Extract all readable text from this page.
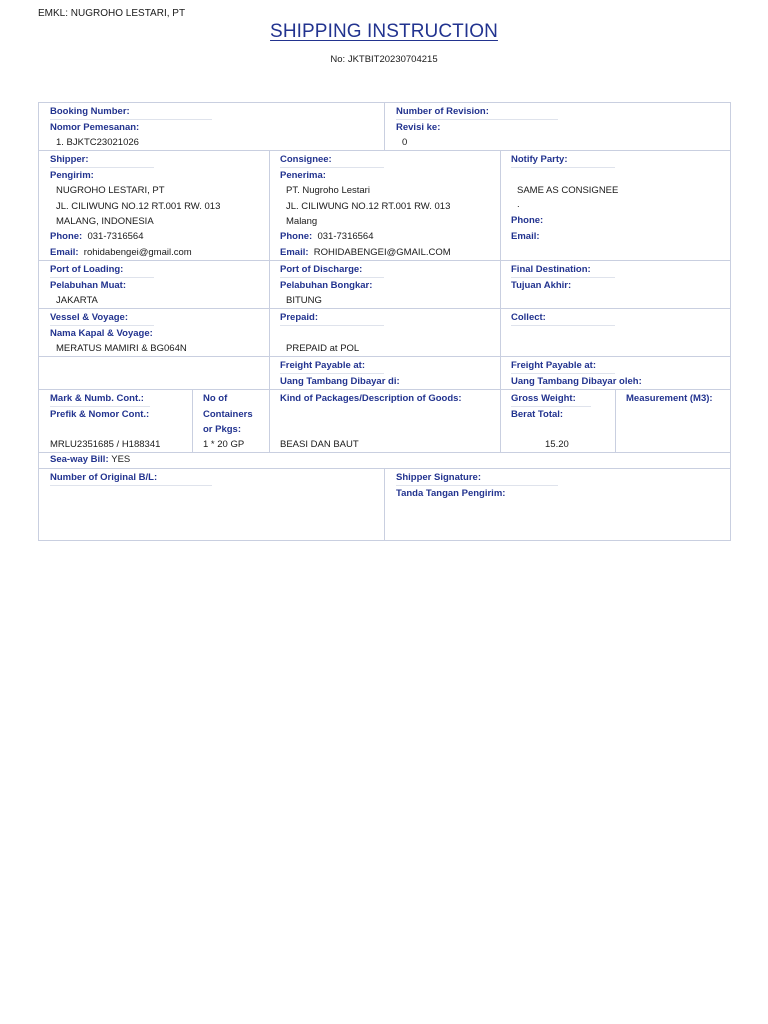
EMKL: NUGROHO LESTARI, PT
SHIPPING INSTRUCTION
No: JKTBIT20230704215
Booking Number:
Nomor Pemesanan:
1. BJKTC23021026
Number of Revision:
Revisi ke:
0
Shipper:
Pengirim:
NUGROHO LESTARI, PT
JL. CILIWUNG NO.12 RT.001 RW. 013
MALANG, INDONESIA
Phone: 031-7316564
Email: rohidabengei@gmail.com
Consignee:
Penerima:
PT. Nugroho Lestari
JL. CILIWUNG NO.12 RT.001 RW. 013
Malang
Phone: 031-7316564
Email: ROHIDABENGEI@GMAIL.COM
Notify Party:
SAME AS CONSIGNEE
.
Phone:
Email:
Port of Loading:
Pelabuhan Muat:
JAKARTA
Port of Discharge:
Pelabuhan Bongkar:
BITUNG
Final Destination:
Tujuan Akhir:
Vessel & Voyage:
Nama Kapal & Voyage:
MERATUS MAMIRI & BG064N
Prepaid:
PREPAID at POL
Collect:
Freight Payable at:
Uang Tambang Dibayar di:
Freight Payable at:
Uang Tambang Dibayar oleh:
Mark & Numb. Cont.:
Prefik & Nomor Cont.:
MRLU2351685 / H188341
No of
Containers
or Pkgs:
1 * 20 GP
Kind of Packages/Description of Goods:
BEASI DAN BAUT
Gross Weight:
Berat Total:
15.20
Measurement (M3):
Sea-way Bill: YES
Number of Original B/L:	Shipper Signature:
Tanda Tangan Pengirim:
